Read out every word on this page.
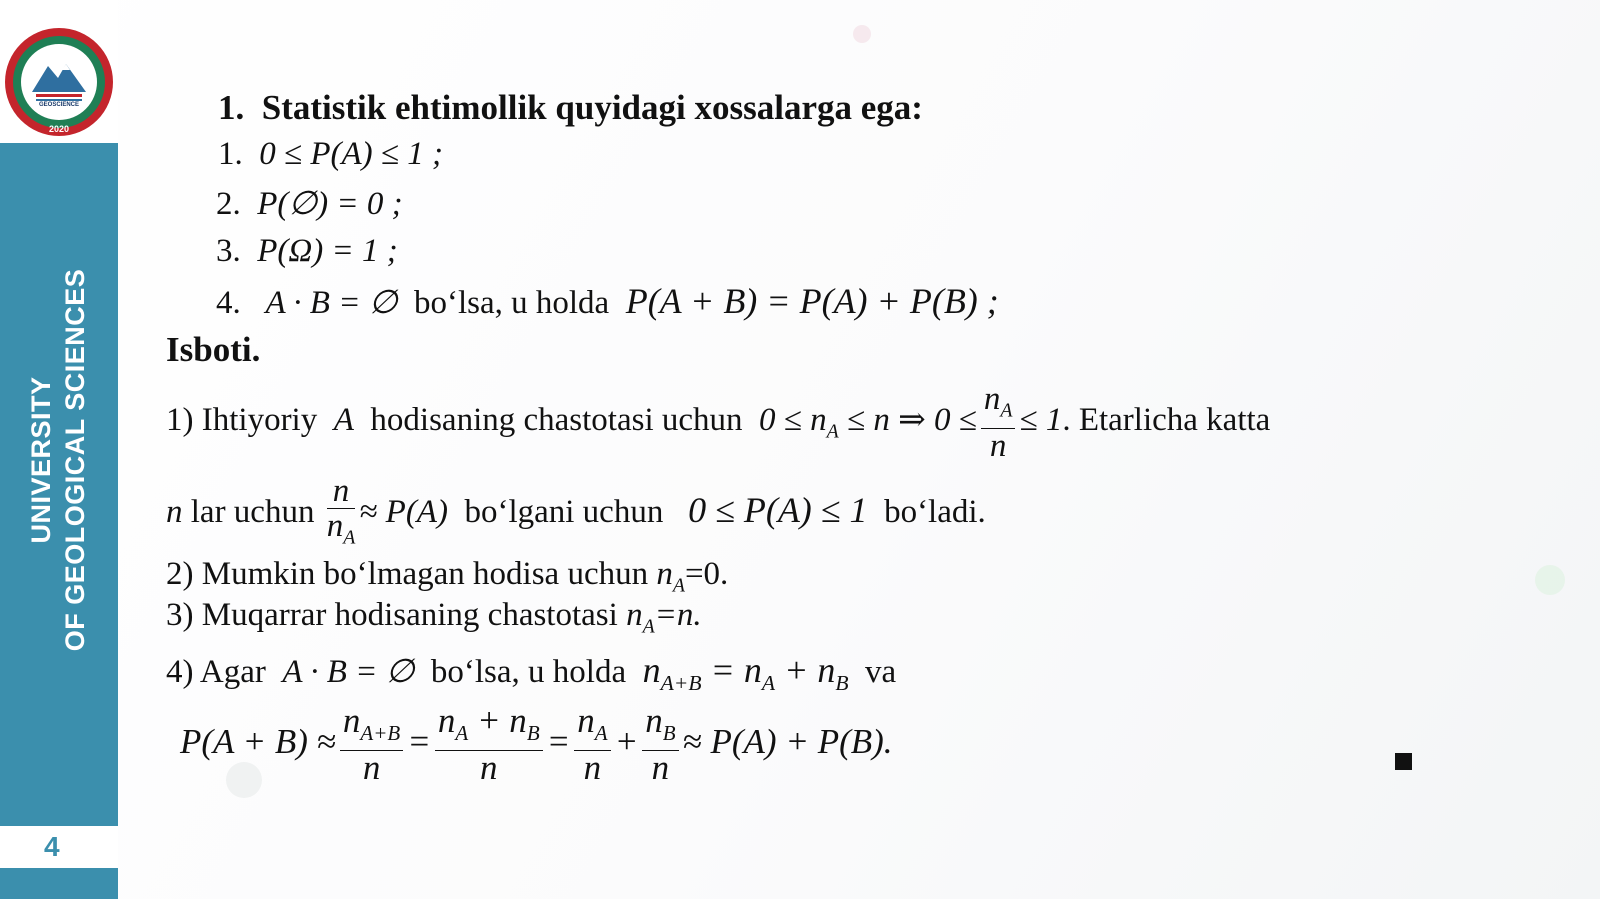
GEOSCIENCE
2020
UNIVERSITY OF GEOLOGICAL SCIENCES
4
1. Statistik ehtimollik quyidagi xossalarga ega:
1. 0 ≤ P(A) ≤ 1 ;
2. P(∅) = 0 ;
3. P(Ω) = 1 ;
4. A · B = ∅ bo‘lsa, u holda P(A + B) = P(A) + P(B) ;
Isboti.
1) Ihtiyoriy A hodisaning chastotasi uchun $0 \le n_A \le n$ ⇒ $0 \le \frac{n_A}{n} \le 1$. Etarlicha katta
n lar uchun $\frac{n}{n_A} \approx P(A)$ bo‘lgani uchun 0 ≤ P(A) ≤ 1 bo‘ladi.
2) Mumkin bo‘lmagan hodisa uchun $n_A=0$.
3) Muqarrar hodisaning chastotasi $n_A=n$.
4) Agar A · B = ∅ bo‘lsa, u holda $n_{A+B} = n_A + n_B$ va
$P(A + B) \approx \frac{n_{A+B}}{n} = \frac{n_A + n_B}{n} = \frac{n_A}{n} + \frac{n_B}{n} \approx P(A) + P(B)$.
